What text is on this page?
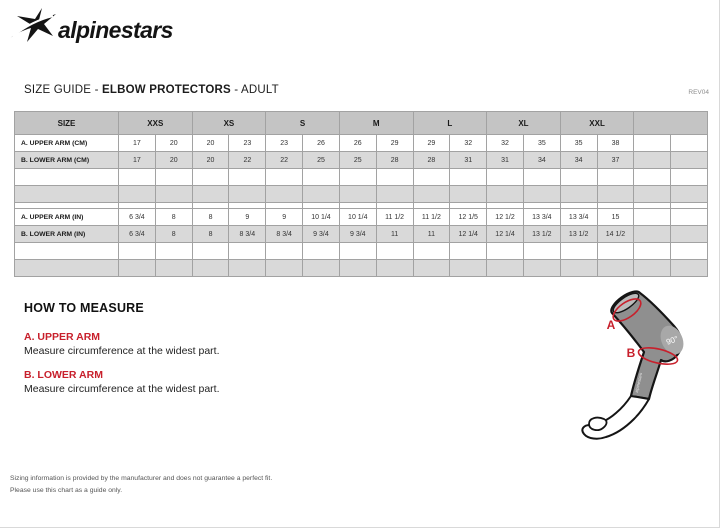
alpinestars
SIZE GUIDE - ELBOW PROTECTORS - ADULT	REV04
SIZE	XXS		XS		S		M		L		XL		XXL			
A. UPPER ARM (CM)	17	20	20	23	23	26	26	29	29	32	32	35	35	38		
B. LOWER ARM (CM)	17	20	20	22	22	25	25	28	28	31	31	34	34	37		

A. UPPER ARM (IN)	6 3/4	8	8	9	9	10 1/4	10 1/4	11 1/2	11 1/2	12 1/5	12 1/2	13 3/4	13 3/4	15		
B. LOWER ARM (IN)	6 3/4	8	8	8 3/4	8 3/4	9 3/4	9 3/4	11	11	12 1/4	12 1/4	13 1/2	13 1/2	14 1/2		

HOW TO MEASURE

A. UPPER ARM

Measure circumference at the widest part.

B. LOWER ARM

Measure circumference at the widest part.

90°
alpinestars
A
B
Sizing information is provided by the manufacturer and does not guarantee a perfect fit.
Please use this chart as a guide only.
